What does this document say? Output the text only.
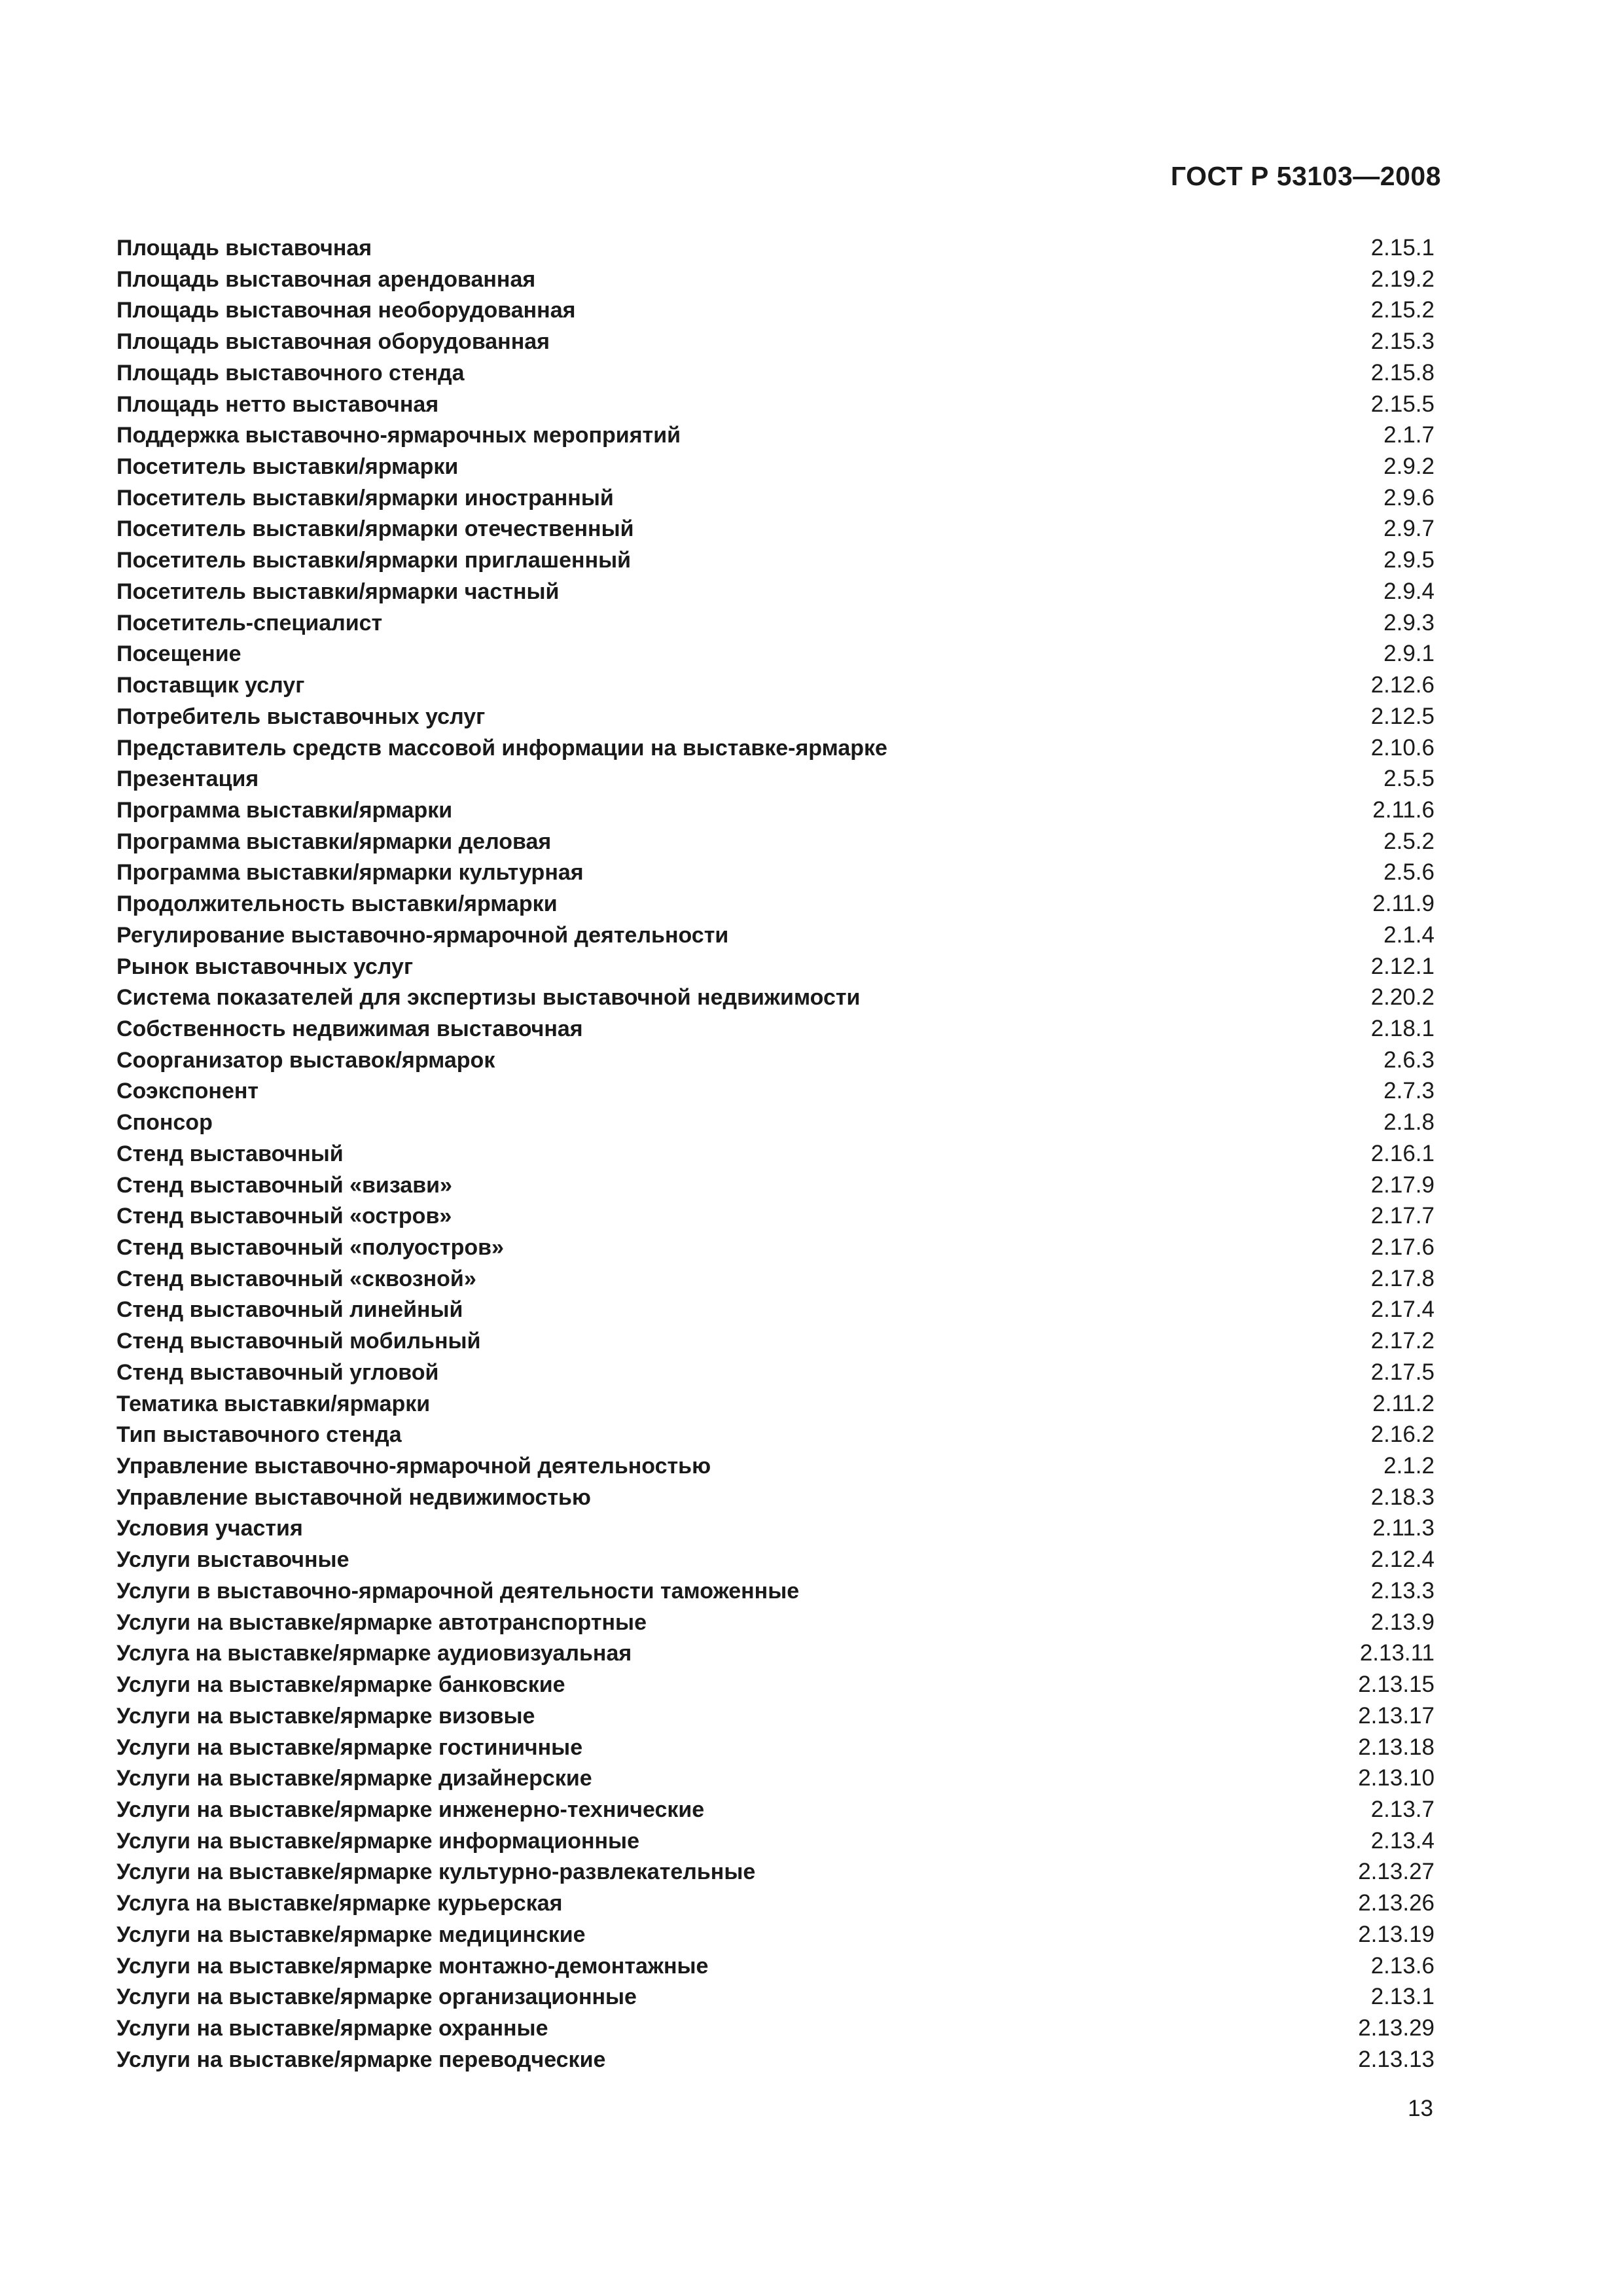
ГОСТ Р 53103—2008
Площадь выставочная	2.15.1
Площадь выставочная арендованная	2.19.2
Площадь выставочная необорудованная	2.15.2
Площадь выставочная оборудованная	2.15.3
Площадь выставочного стенда	2.15.8
Площадь нетто выставочная	2.15.5
Поддержка выставочно-ярмарочных мероприятий	2.1.7
Посетитель выставки/ярмарки	2.9.2
Посетитель выставки/ярмарки иностранный	2.9.6
Посетитель выставки/ярмарки отечественный	2.9.7
Посетитель выставки/ярмарки приглашенный	2.9.5
Посетитель выставки/ярмарки частный	2.9.4
Посетитель-специалист	2.9.3
Посещение	2.9.1
Поставщик услуг	2.12.6
Потребитель выставочных услуг	2.12.5
Представитель средств массовой информации на выставке-ярмарке	2.10.6
Презентация	2.5.5
Программа выставки/ярмарки	2.11.6
Программа выставки/ярмарки деловая	2.5.2
Программа выставки/ярмарки культурная	2.5.6
Продолжительность выставки/ярмарки	2.11.9
Регулирование выставочно-ярмарочной деятельности	2.1.4
Рынок выставочных услуг	2.12.1
Система показателей для экспертизы выставочной недвижимости	2.20.2
Собственность недвижимая выставочная	2.18.1
Соорганизатор выставок/ярмарок	2.6.3
Соэкспонент	2.7.3
Спонсор	2.1.8
Стенд выставочный	2.16.1
Стенд выставочный «визави»	2.17.9
Стенд выставочный «остров»	2.17.7
Стенд выставочный «полуостров»	2.17.6
Стенд выставочный «сквозной»	2.17.8
Стенд выставочный линейный	2.17.4
Стенд выставочный мобильный	2.17.2
Стенд выставочный угловой	2.17.5
Тематика выставки/ярмарки	2.11.2
Тип выставочного стенда	2.16.2
Управление выставочно-ярмарочной деятельностью	2.1.2
Управление выставочной недвижимостью	2.18.3
Условия участия	2.11.3
Услуги выставочные	2.12.4
Услуги в выставочно-ярмарочной деятельности таможенные	2.13.3
Услуги на выставке/ярмарке автотранспортные	2.13.9
Услуга на выставке/ярмарке аудиовизуальная	2.13.11
Услуги на выставке/ярмарке банковские	2.13.15
Услуги на выставке/ярмарке визовые	2.13.17
Услуги на выставке/ярмарке гостиничные	2.13.18
Услуги на выставке/ярмарке дизайнерские	2.13.10
Услуги на выставке/ярмарке инженерно-технические	2.13.7
Услуги на выставке/ярмарке информационные	2.13.4
Услуги на выставке/ярмарке культурно-развлекательные	2.13.27
Услуга на выставке/ярмарке курьерская	2.13.26
Услуги на выставке/ярмарке медицинские	2.13.19
Услуги на выставке/ярмарке монтажно-демонтажные	2.13.6
Услуги на выставке/ярмарке организационные	2.13.1
Услуги на выставке/ярмарке охранные	2.13.29
Услуги на выставке/ярмарке переводческие	2.13.13
13
